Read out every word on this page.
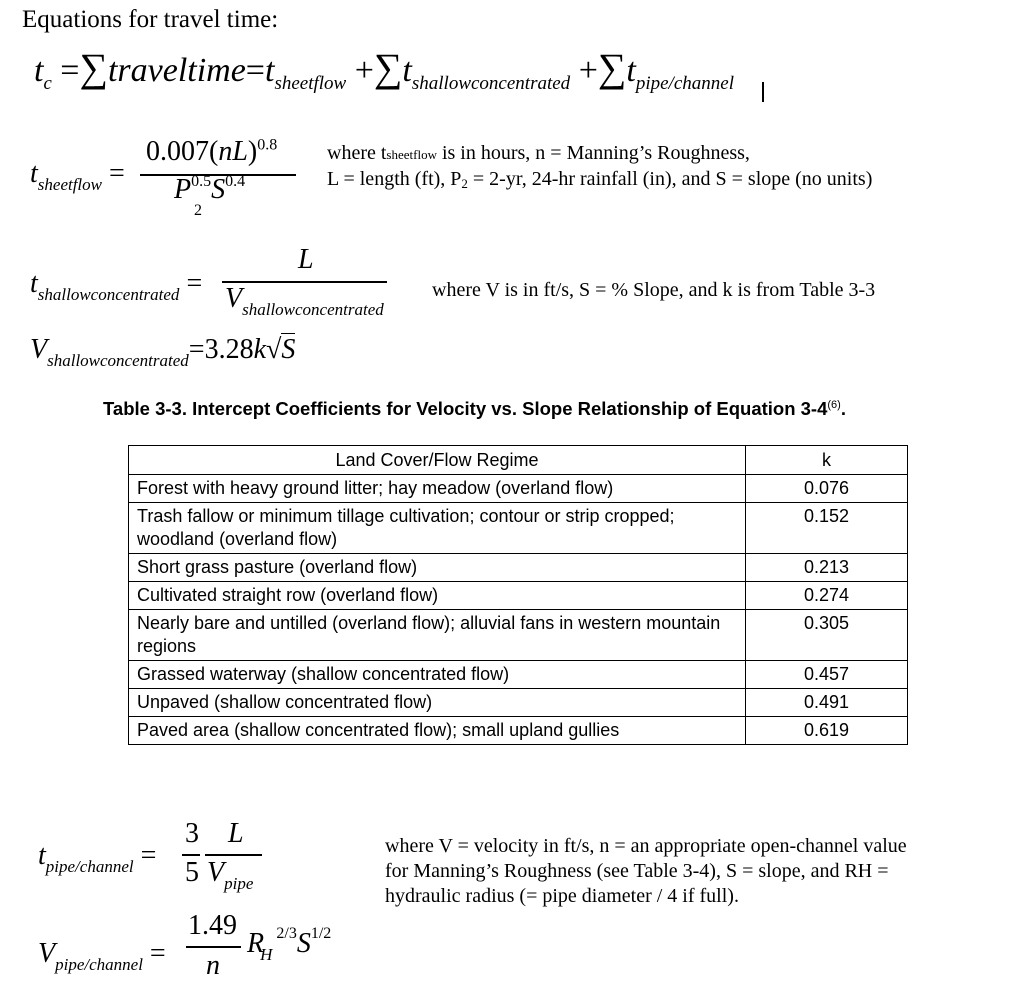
Equations for travel time:
$t_c$ $=\sum traveltime=t_{sheetflow} +\sum t_{shallowconcentrated} +\sum t_{pipe/channel}$
$t_{sheetflow}$ =
0.007(nL)$^{0.8}$
$P^{0.5}$
2
$S^{0.4}$
where tsheetflow is in hours, n = Manning’s Roughness,
L = length (ft), P2 = 2-yr, 24-hr rainfall (in), and S = slope (no units)
$t_{shallowconcentrated}$ =
L
$V_{shallowconcentrated}$
where V is in ft/s, S = % Slope, and k is from Table 3-3
$V_{shallowconcentrated}=3.28k√S$
Table 3-3. Intercept Coefficients for Velocity vs. Slope Relationship of Equation 3-4$^{(6)}$.
Land Cover/Flow Regime	k
Forest with heavy ground litter; hay meadow (overland flow)	0.076
Trash fallow or minimum tillage cultivation; contour or strip cropped; woodland (overland flow)	0.152
Short grass pasture (overland flow)	0.213
Cultivated straight row (overland flow)	0.274
Nearly bare and untilled (overland flow); alluvial fans in western mountain regions	0.305
Grassed waterway (shallow concentrated flow)	0.457
Unpaved (shallow concentrated flow)	0.491
Paved area (shallow concentrated flow); small upland gullies	0.619
$t_{pipe/channel}$ =
3
5
L
$V_{pipe}$
where V = velocity in ft/s, n = an appropriate open-channel value
for Manning’s Roughness (see Table 3-4), S = slope, and RH =
hydraulic radius (= pipe diameter / 4 if full).
$V_{pipe/channel}$ =
1.49
n
$R_H^{2/3}S^{1/2}$
